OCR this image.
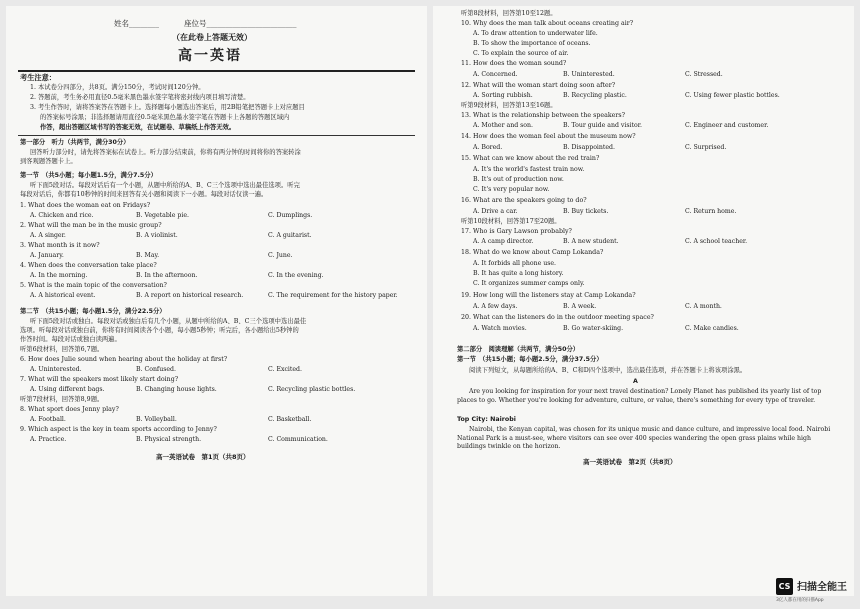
姓名________	座位号________________________
（在此卷上答题无效）
高一英语
考生注意：
1. 本试卷分四部分，共8页。满分150分，考试时间120分钟。
2. 答题前，考生务必用直径0.5毫米黑色墨水签字笔将密封线内项目填写清楚。
3. 考生作答时，请将答案答在答题卡上。选择题每小题选出答案后，用2B铅笔把答题卡上对应题目
的答案标号涂黑；非选择题请用直径0.5毫米黑色墨水签字笔在答题卡上各题的答题区域内
作答，超出答题区域书写的答案无效，在试题卷、草稿纸上作答无效。
第一部分　听力（共两节，满分30分）
回答听力部分时，请先将答案标在试卷上。听力部分结束前，你将有两分钟的时间将你的答案转涂
到客观题答题卡上。
第一节　（共5小题；每小题1.5分，满分7.5分）
听下面5段对话。每段对话后有一个小题，从题中所给的A、B、C三个选项中选出最佳选项。听完
每段对话后，你都有10秒钟的时间来回答有关小题和阅读下一小题。每段对话仅读一遍。
1. What does the woman eat on Fridays?
A. Chicken and rice.	B. Vegetable pie.	C. Dumplings.
2. What will the man be in the music group?
A. A singer.	B. A violinist.	C. A guitarist.
3. What month is it now?
A. January.	B. May.	C. June.
4. When does the conversation take place?
A. In the morning.	B. In the afternoon.	C. In the evening.
5. What is the main topic of the conversation?
A. A historical event.	B. A report on historical research.	C. The requirement for the history paper.
第二节　（共15小题；每小题1.5分，满分22.5分）
听下面5段对话或独白。每段对话或独白后有几个小题，从题中所给的A、B、C三个选项中选出最佳
选项。听每段对话或独白前，你将有时间阅读各个小题，每小题5秒钟；听完后，各小题给出5秒钟的
作答时间。每段对话或独白读两遍。
听第6段材料，回答第6,7题。
6. How does Julie sound when hearing about the holiday at first?
A. Uninterested.	B. Confused.	C. Excited.
7. What will the speakers most likely start doing?
A. Using different bags.	B. Changing house lights.	C. Recycling plastic bottles.
听第7段材料，回答第8,9题。
8. What sport does Jenny play?
A. Football.	B. Volleyball.	C. Basketball.
9. Which aspect is the key in team sports according to Jenny?
A. Practice.	B. Physical strength.	C. Communication.
高一英语试卷　第1页（共8页）
听第8段材料，回答第10至12题。
10. Why does the man talk about oceans creating air?
A. To draw attention to underwater life.
B. To show the importance of oceans.
C. To explain the source of air.
11. How does the woman sound?
A. Concerned.	B. Uninterested.	C. Stressed.
12. What will the woman start doing soon after?
A. Sorting rubbish.	B. Recycling plastic.	C. Using fewer plastic bottles.
听第9段材料，回答第13至16题。
13. What is the relationship between the speakers?
A. Mother and son.	B. Tour guide and visitor.	C. Engineer and customer.
14. How does the woman feel about the museum now?
A. Bored.	B. Disappointed.	C. Surprised.
15. What can we know about the red train?
A. It's the world's fastest train now.
B. It's out of production now.
C. It's very popular now.
16. What are the speakers going to do?
A. Drive a car.	B. Buy tickets.	C. Return home.
听第10段材料，回答第17至20题。
17. Who is Gary Lawson probably?
A. A camp director.	B. A new student.	C. A school teacher.
18. What do we know about Camp Lokanda?
A. It forbids all phone use.
B. It has quite a long history.
C. It organizes summer camps only.
19. How long will the listeners stay at Camp Lokanda?
A. A few days.	B. A week.	C. A month.
20. What can the listeners do in the outdoor meeting space?
A. Watch movies.	B. Go water-skiing.	C. Make candies.
第二部分　阅读理解（共两节，满分50分）
第一节　（共15小题；每小题2.5分，满分37.5分）
阅读下列短文，从每题所给的A、B、C和D四个选项中，选出最佳选项，并在答题卡上将该项涂黑。
A
Are you looking for inspiration for your next travel destination? Lonely Planet has published its yearly list of top places to go. Whether you're looking for adventure, culture, or value, there's something for every type of traveler.
Top City: Nairobi
Nairobi, the Kenyan capital, was chosen for its unique music and dance culture, and impressive local food. Nairobi National Park is a must-see, where visitors can see over 400 species wandering the open grass plains while high buildings twinkle on the horizon.
高一英语试卷　第2页（共8页）
CS 扫描全能王
3亿人都在用的扫描App
